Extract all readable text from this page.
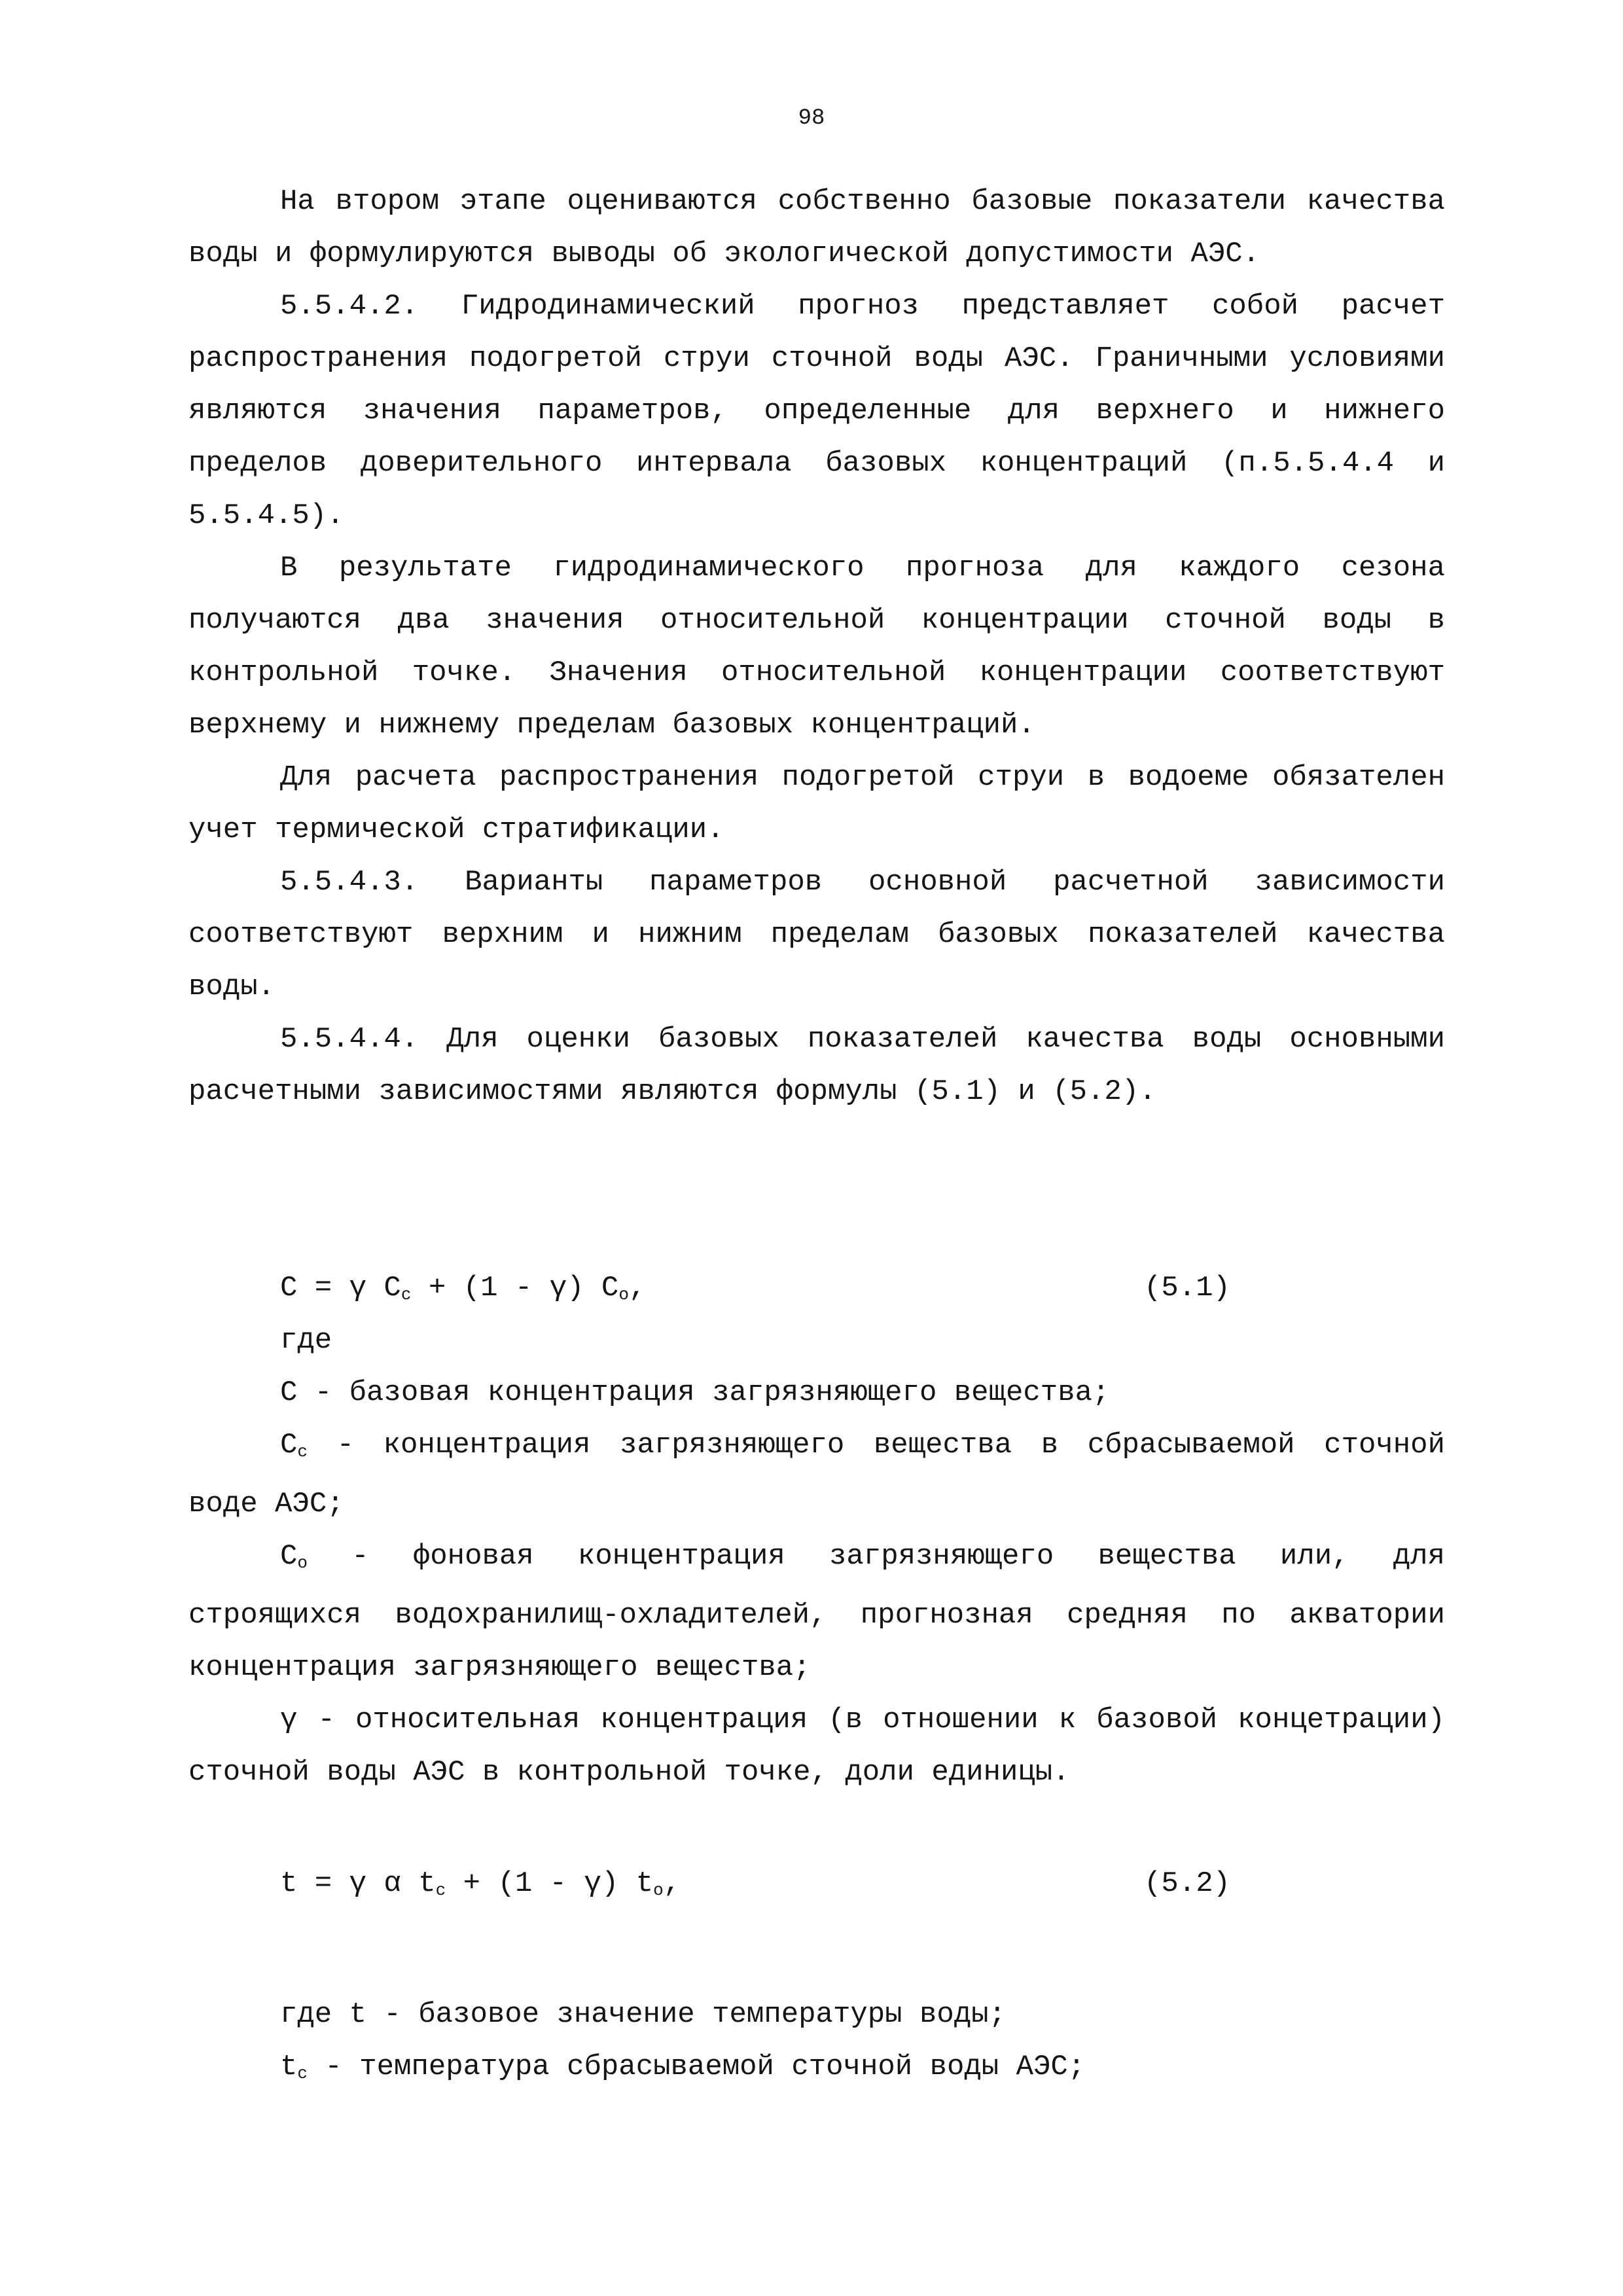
98

На втором этапе оцениваются собственно базовые показатели качества воды и формулируются выводы об экологической допустимости АЭС.

5.5.4.2. Гидродинамический прогноз представляет собой расчет распространения подогретой струи сточной воды АЭС. Граничными условиями являются значения параметров, определенные для верхнего и нижнего пределов доверительного интервала базовых концентраций (п.5.5.4.4 и 5.5.4.5).

В результате гидродинамического прогноза для каждого сезона получаются два значения относительной концентрации сточной воды в контрольной точке. Значения относительной концентрации соответствуют верхнему и нижнему пределам базовых концентраций.

Для расчета распространения подогретой струи в водоеме обязателен учет термической стратификации.

5.5.4.3. Варианты параметров основной расчетной зависимости соответствуют верхним и нижним пределам базовых показателей качества воды.

5.5.4.4. Для оценки базовых показателей качества воды основными расчетными зависимостями являются формулы (5.1) и (5.2).

C = γ $C_c + (1 - \gamma)$ $C_o$,	(5.1)
где

C - базовая концентрация загрязняющего вещества;

$C_c$ - концентрация загрязняющего вещества в сбрасываемой сточной воде АЭС;

$C_o$ - фоновая концентрация загрязняющего вещества или, для строящихся водохранилищ-охладителей, прогнозная средняя по акватории концентрация загрязняющего вещества;

γ - относительная концентрация (в отношении к базовой концетрации) сточной воды АЭС в контрольной точке, доли единицы.

t = γ α $t_c + (1 - \gamma)$ $t_o$,	(5.2)
где t - базовое значение температуры воды;
$t_c$ - температура сбрасываемой сточной воды АЭС;
